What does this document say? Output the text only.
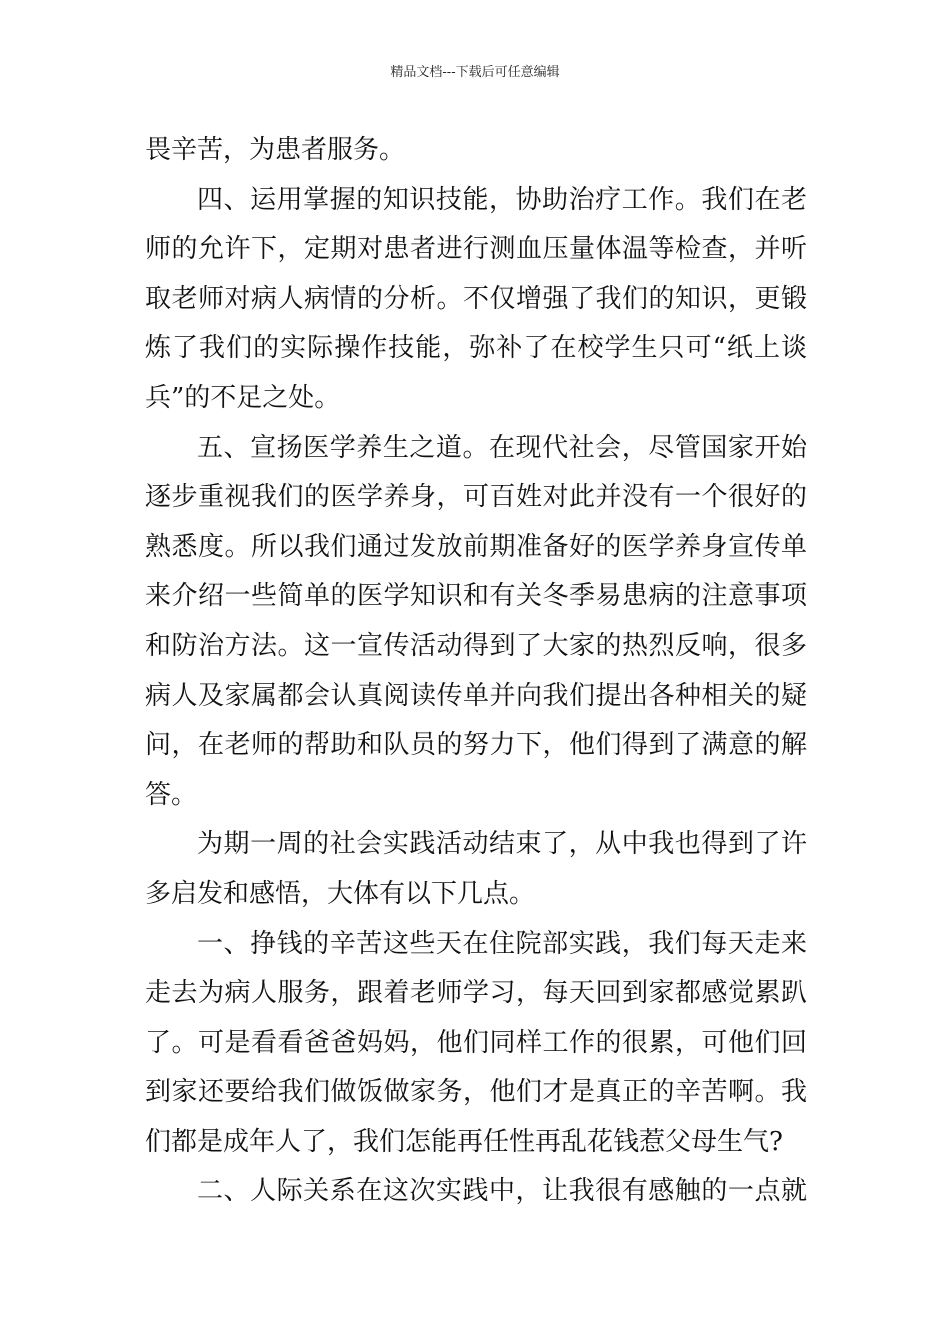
精品文档---下载后可任意编辑
畏辛苦，为患者服务。
四、运用掌握的知识技能，协助治疗工作。我们在老
师的允许下，定期对患者进行测血压量体温等检查，并听
取老师对病人病情的分析。不仅增强了我们的知识，更锻
炼了我们的实际操作技能，弥补了在校学生只可“纸上谈
兵”的不足之处。
五、宣扬医学养生之道。在现代社会，尽管国家开始
逐步重视我们的医学养身，可百姓对此并没有一个很好的
熟悉度。所以我们通过发放前期准备好的医学养身宣传单
来介绍一些简单的医学知识和有关冬季易患病的注意事项
和防治方法。这一宣传活动得到了大家的热烈反响，很多
病人及家属都会认真阅读传单并向我们提出各种相关的疑
问，在老师的帮助和队员的努力下，他们得到了满意的解
答。
为期一周的社会实践活动结束了，从中我也得到了许
多启发和感悟，大体有以下几点。
一、挣钱的辛苦这些天在住院部实践，我们每天走来
走去为病人服务，跟着老师学习，每天回到家都感觉累趴
了。可是看看爸爸妈妈，他们同样工作的很累，可他们回
到家还要给我们做饭做家务，他们才是真正的辛苦啊。我
们都是成年人了，我们怎能再任性再乱花钱惹父母生气?
二、人际关系在这次实践中，让我很有感触的一点就
